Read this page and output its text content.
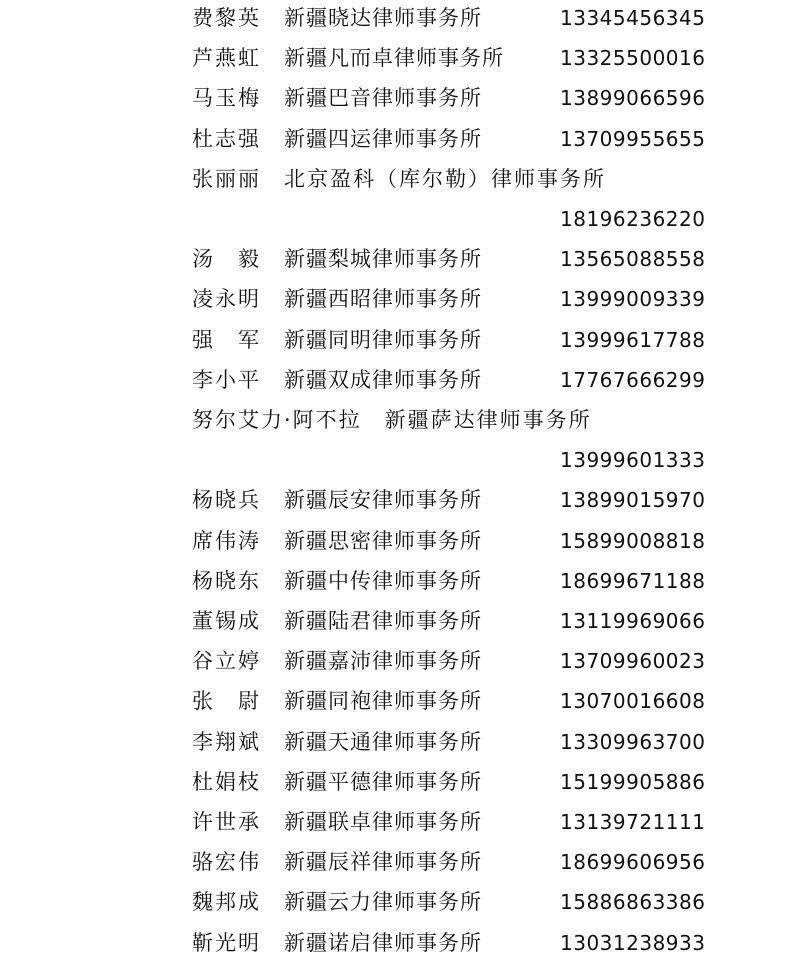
费黎英 新疆晓达律师事务所	13345456345
芦燕虹 新疆凡而卓律师事务所	13325500016
马玉梅 新疆巴音律师事务所	13899066596
杜志强 新疆四运律师事务所	13709955655
张丽丽　北京盈科（库尔勒）律师事务所
18196236220
汤　毅 新疆梨城律师事务所	13565088558
凌永明 新疆西昭律师事务所	13999009339
强　军 新疆同明律师事务所	13999617788
李小平 新疆双成律师事务所	17767666299
努尔艾力·阿不拉　新疆萨达律师事务所
13999601333
杨晓兵 新疆辰安律师事务所	13899015970
席伟涛 新疆思密律师事务所	15899008818
杨晓东 新疆中传律师事务所	18699671188
董锡成 新疆陆君律师事务所	13119969066
谷立婷 新疆嘉沛律师事务所	13709960023
张　尉 新疆同袍律师事务所	13070016608
李翔斌 新疆天通律师事务所	13309963700
杜娟枝 新疆平德律师事务所	15199905886
许世承 新疆联卓律师事务所	13139721111
骆宏伟 新疆辰祥律师事务所	18699606956
魏邦成 新疆云力律师事务所	15886863386
靳光明 新疆诺启律师事务所	13031238933
